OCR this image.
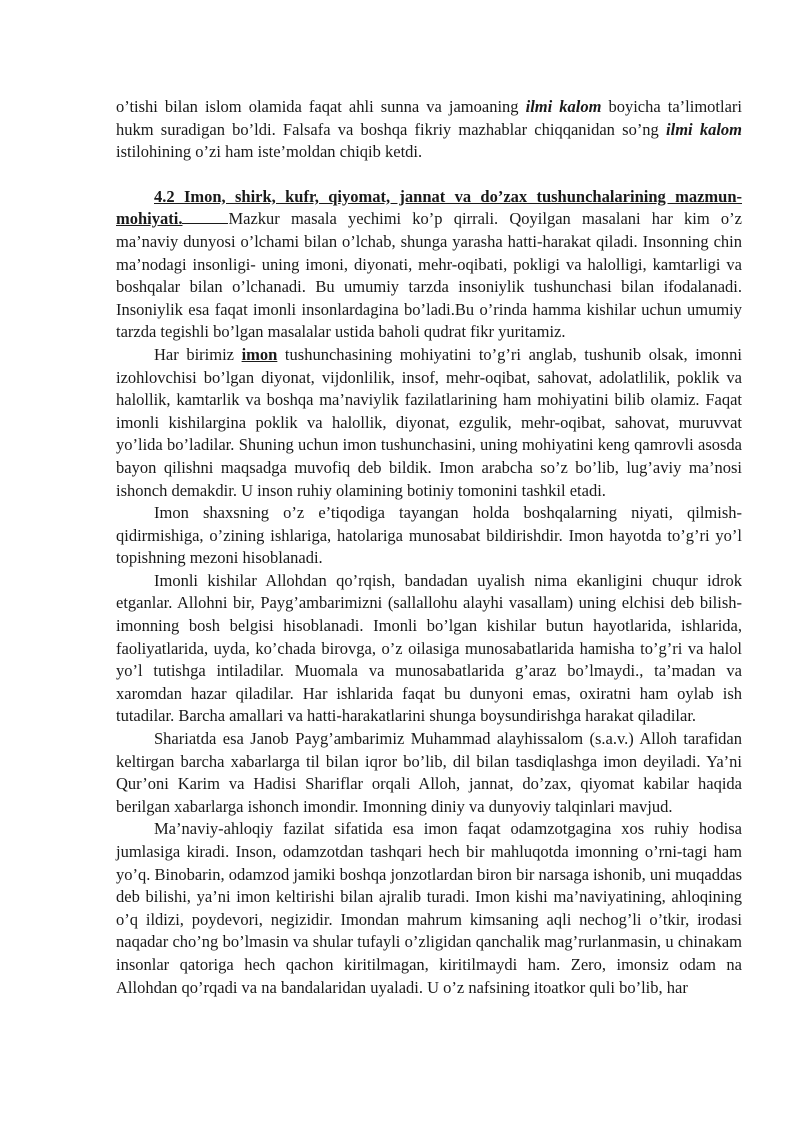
o’tishi bilan islom olamida faqat ahli sunna va jamoaning ilmi kalom boyicha ta’limotlari hukm suradigan bo’ldi. Falsafa va boshqa fikriy mazhablar chiqqanidan so’ng ilmi kalom istilohining o’zi ham iste’moldan chiqib ketdi.

4.2 Imon, shirk, kufr, qiyomat, jannat va do’zax tushunchalarining mazmun-mohiyati.	Mazkur masala yechimi ko’p qirrali. Qoyilgan masalani har kim o’z ma’naviy dunyosi o’lchami bilan o’lchab, shunga yarasha hatti-harakat qiladi. Insonning chin ma’nodagi insonligi- uning imoni, diyonati, mehr-oqibati, pokligi va halolligi, kamtarligi va boshqalar bilan o’lchanadi. Bu umumiy tarzda insoniylik tushunchasi bilan ifodalanadi. Insoniylik esa faqat imonli insonlardagina bo’ladi.Bu o’rinda hamma kishilar uchun umumiy tarzda tegishli bo’lgan masalalar ustida baholi qudrat fikr yuritamiz.

Har birimiz imon tushunchasining mohiyatini to’g’ri anglab, tushunib olsak, imonni izohlovchisi bo’lgan diyonat, vijdonlilik, insof, mehr-oqibat, sahovat, adolatlilik, poklik va halollik, kamtarlik va boshqa ma’naviylik fazilatlarining ham mohiyatini bilib olamiz. Faqat imonli kishilargina poklik va halollik, diyonat, ezgulik, mehr-oqibat, sahovat, muruvvat yo’lida bo’ladilar. Shuning uchun imon tushunchasini, uning mohiyatini keng qamrovli asosda bayon qilishni maqsadga muvofiq deb bildik. Imon arabcha so’z bo’lib, lug’aviy ma’nosi ishonch demakdir. U inson ruhiy olamining botiniy tomonini tashkil etadi.

Imon shaxsning o’z e’tiqodiga tayangan holda boshqalarning niyati, qilmish-qidirmishiga, o’zining ishlariga, hatolariga munosabat bildirishdir. Imon hayotda to’g’ri yo’l topishning mezoni hisoblanadi.

Imonli kishilar Allohdan qo’rqish, bandadan uyalish nima ekanligini chuqur idrok etganlar. Allohni bir, Payg’ambarimizni (sallallohu alayhi vasallam) uning elchisi deb bilish-imonning bosh belgisi hisoblanadi. Imonli bo’lgan kishilar butun hayotlarida, ishlarida, faoliyatlarida, uyda, ko’chada birovga, o’z oilasiga munosabatlarida hamisha to’g’ri va halol yo’l tutishga intiladilar. Muomala va munosabatlarida g’araz bo’lmaydi., ta’madan va xaromdan hazar qiladilar. Har ishlarida faqat bu dunyoni emas, oxiratni ham oylab ish tutadilar. Barcha amallari va hatti-harakatlarini shunga boysundirishga harakat qiladilar.

Shariatda esa Janob Payg’ambarimiz Muhammad alayhissalom (s.a.v.) Alloh tarafidan keltirgan barcha xabarlarga til bilan iqror bo’lib, dil bilan tasdiqlashga imon deyiladi. Ya’ni Qur’oni Karim va Hadisi Shariflar orqali Alloh, jannat, do’zax, qiyomat kabilar haqida berilgan xabarlarga ishonch imondir. Imonning diniy va dunyoviy talqinlari mavjud.

Ma’naviy-ahloqiy fazilat sifatida esa imon faqat odamzotgagina xos ruhiy hodisa jumlasiga kiradi. Inson, odamzotdan tashqari hech bir mahluqotda imonning o’rni-tagi ham yo’q. Binobarin, odamzod jamiki boshqa jonzotlardan biron bir narsaga ishonib, uni muqaddas deb bilishi, ya’ni imon keltirishi bilan ajralib turadi. Imon kishi ma’naviyatining, ahloqining o’q ildizi, poydevori, negizidir. Imondan mahrum kimsaning aqli nechog’li o’tkir, irodasi naqadar cho’ng bo’lmasin va shular tufayli o’zligidan qanchalik mag’rurlanmasin, u chinakam insonlar qatoriga hech qachon kiritilmagan, kiritilmaydi ham. Zero, imonsiz odam na Allohdan qo’rqadi va na bandalaridan uyaladi. U o’z nafsining itoatkor quli bo’lib, har
